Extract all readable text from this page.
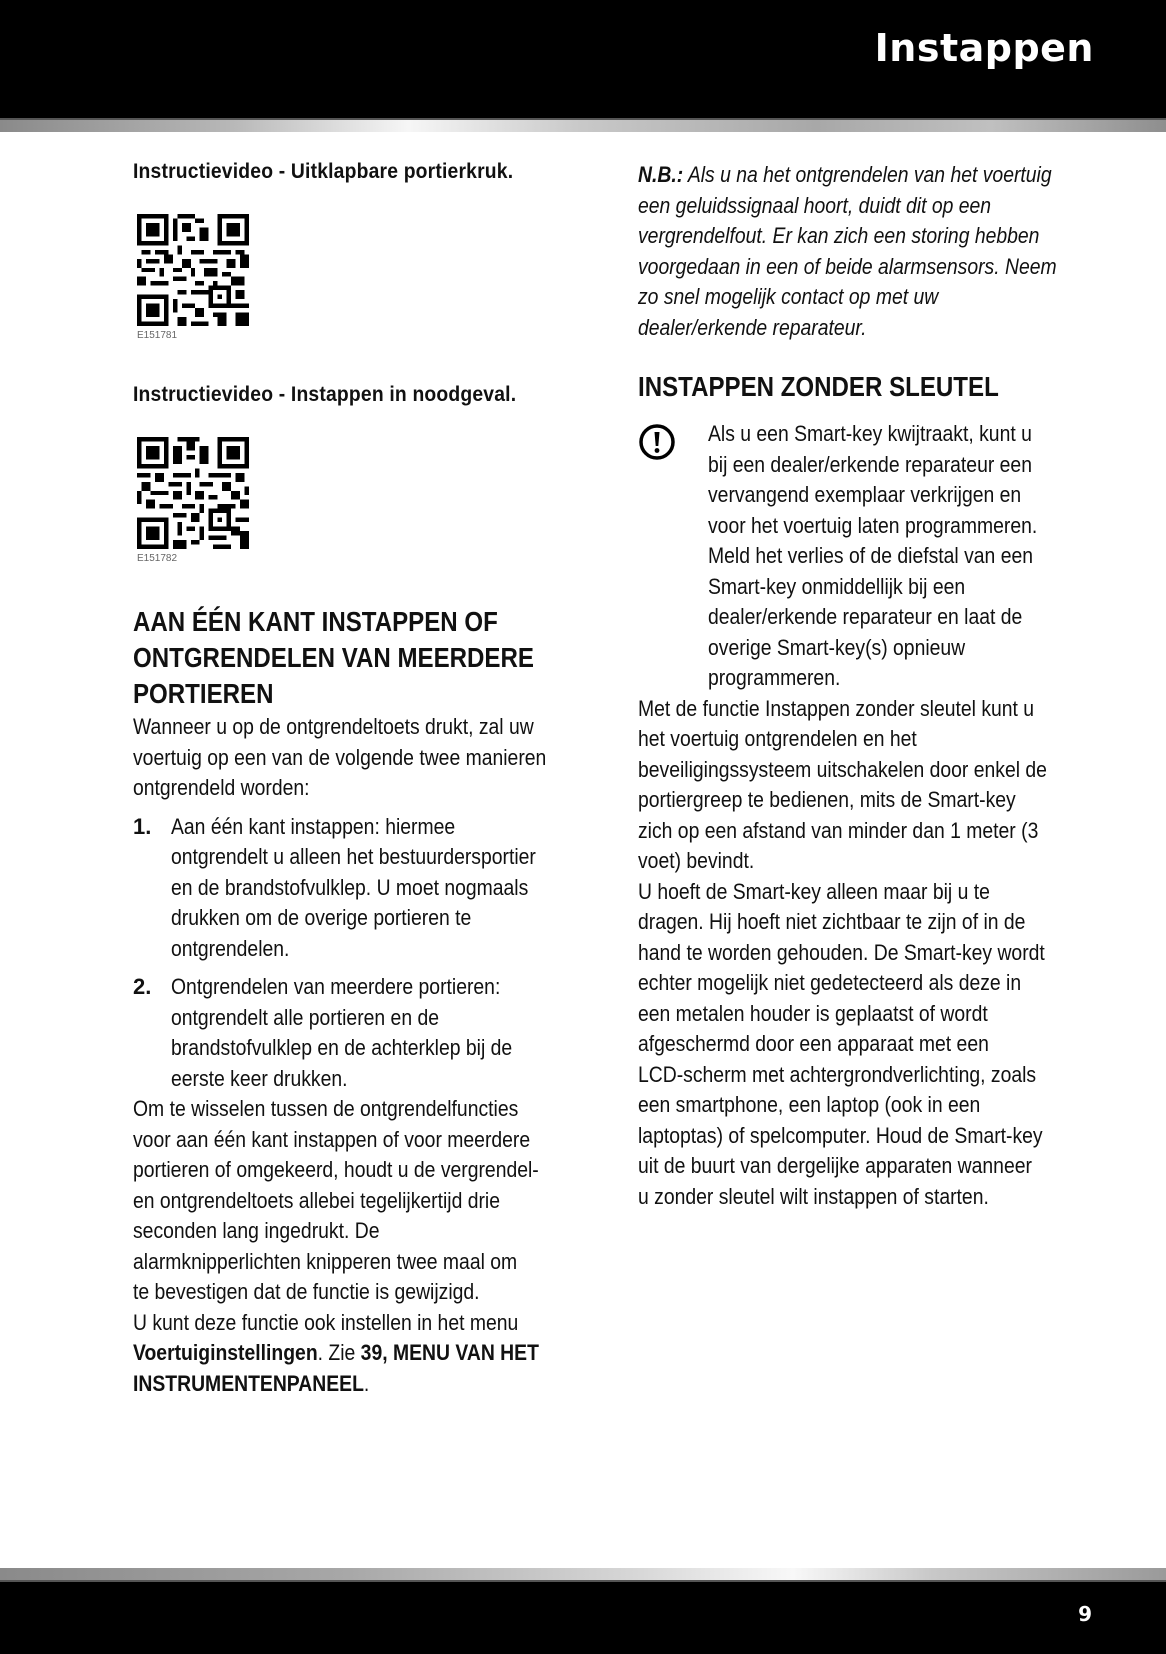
Instappen

Instructievideo - Uitklapbare portierkruk.

E151781

Instructievideo - Instappen in noodgeval.

E151782
AAN ÉÉN KANT INSTAPPEN OF
ONTGRENDELEN VAN MEERDERE
PORTIEREN

Wanneer u op de ontgrendeltoets drukt, zal uw
voertuig op een van de volgende twee manieren
ontgrendeld worden:

1. Aan één kant instappen: hiermee
ontgrendelt u alleen het bestuurdersportier
en de brandstofvulklep. U moet nogmaals
drukken om de overige portieren te
ontgrendelen.
2. Ontgrendelen van meerdere portieren:
ontgrendelt alle portieren en de
brandstofvulklep en de achterklep bij de
eerste keer drukken.

Om te wisselen tussen de ontgrendelfuncties
voor aan één kant instappen of voor meerdere
portieren of omgekeerd, houdt u de vergrendel-
en ontgrendeltoets allebei tegelijkertijd drie
seconden lang ingedrukt. De
alarmknipperlichten knipperen twee maal om
te bevestigen dat de functie is gewijzigd.

U kunt deze functie ook instellen in het menu
Voertuiginstellingen. Zie 39, MENU VAN HET
INSTRUMENTENPANEEL.

N.B.: Als u na het ontgrendelen van het voertuig
een geluidssignaal hoort, duidt dit op een
vergrendelfout. Er kan zich een storing hebben
voorgedaan in een of beide alarmsensors. Neem
zo snel mogelijk contact op met uw
dealer/erkende reparateur.
INSTAPPEN ZONDER SLEUTEL
Als u een Smart-key kwijtraakt, kunt u
bij een dealer/erkende reparateur een
vervangend exemplaar verkrijgen en
voor het voertuig laten programmeren.
Meld het verlies of de diefstal van een
Smart-key onmiddellijk bij een
dealer/erkende reparateur en laat de
overige Smart-key(s) opnieuw
programmeren.

Met de functie Instappen zonder sleutel kunt u
het voertuig ontgrendelen en het
beveiligingssysteem uitschakelen door enkel de
portiergreep te bedienen, mits de Smart-key
zich op een afstand van minder dan 1 meter (3
voet) bevindt.

U hoeft de Smart-key alleen maar bij u te
dragen. Hij hoeft niet zichtbaar te zijn of in de
hand te worden gehouden. De Smart-key wordt
echter mogelijk niet gedetecteerd als deze in
een metalen houder is geplaatst of wordt
afgeschermd door een apparaat met een
LCD-scherm met achtergrondverlichting, zoals
een smartphone, een laptop (ook in een
laptoptas) of spelcomputer. Houd de Smart-key
uit de buurt van dergelijke apparaten wanneer
u zonder sleutel wilt instappen of starten.

9
